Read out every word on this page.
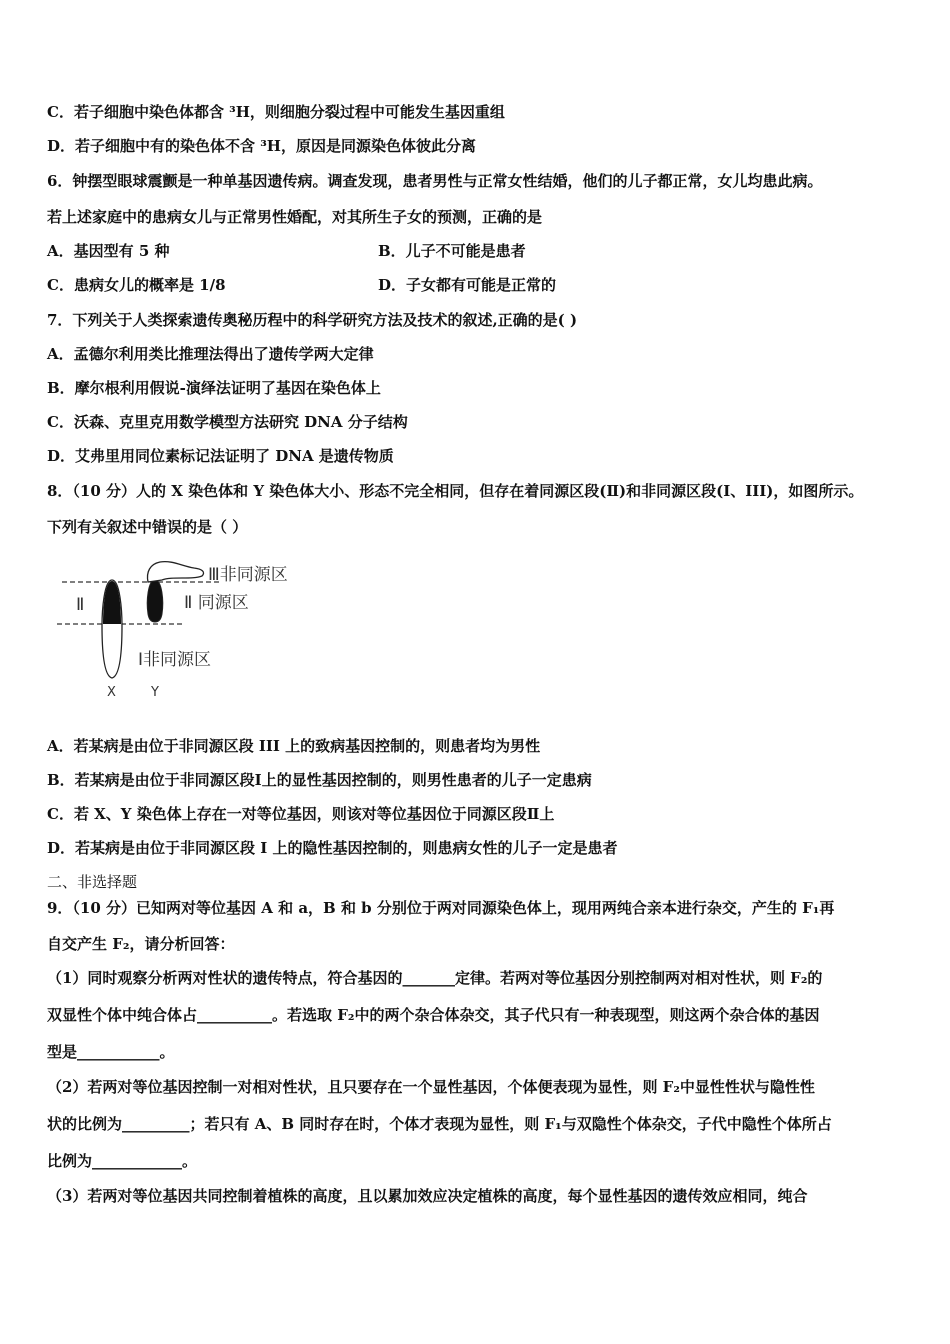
C．若子细胞中染色体都含 ³H，则细胞分裂过程中可能发生基因重组
D．若子细胞中有的染色体不含 ³H，原因是同源染色体彼此分离
6．钟摆型眼球震颤是一种单基因遗传病。调查发现，患者男性与正常女性结婚，他们的儿子都正常，女儿均患此病。
若上述家庭中的患病女儿与正常男性婚配，对其所生子女的预测，正确的是
A．基因型有 5 种	B．儿子不可能是患者
C．患病女儿的概率是 1/8	D．子女都有可能是正常的
7．下列关于人类探索遗传奥秘历程中的科学研究方法及技术的叙述,正确的是( )
A．孟德尔利用类比推理法得出了遗传学两大定律
B．摩尔根利用假说-演绎法证明了基因在染色体上
C．沃森、克里克用数学模型方法研究 DNA 分子结构
D．艾弗里用同位素标记法证明了 DNA 是遗传物质
8．（10 分）人的 X 染色体和 Y 染色体大小、形态不完全相同，但存在着同源区段(Ⅱ)和非同源区段(I、III)，如图所示。
下列有关叙述中错误的是（ ）
Ⅲ非同源区
Ⅱ	Ⅱ 同源区
Ⅰ非同源区
X	Y
A．若某病是由位于非同源区段 III 上的致病基因控制的，则患者均为男性
B．若某病是由位于非同源区段Ⅰ上的显性基因控制的，则男性患者的儿子一定患病
C．若 X、Y 染色体上存在一对等位基因，则该对等位基因位于同源区段Ⅱ上
D．若某病是由位于非同源区段 I 上的隐性基因控制的，则患病女性的儿子一定是患者
二、非选择题
9．（10 分）已知两对等位基因 A 和 a，B 和 b 分别位于两对同源染色体上，现用两纯合亲本进行杂交，产生的 F₁再
自交产生 F₂，请分析回答：
（1）同时观察分析两对性状的遗传特点，符合基因的_______定律。若两对等位基因分别控制两对相对性状，则 F₂的
双显性个体中纯合体占__________。若选取 F₂中的两个杂合体杂交，其子代只有一种表现型，则这两个杂合体的基因
型是___________。
（2）若两对等位基因控制一对相对性状，且只要存在一个显性基因，个体便表现为显性，则 F₂中显性性状与隐性性
状的比例为_________；若只有 A、B 同时存在时，个体才表现为显性，则 F₁与双隐性个体杂交，子代中隐性个体所占
比例为____________。
（3）若两对等位基因共同控制着植株的高度，且以累加效应决定植株的高度，每个显性基因的遗传效应相同，纯合
